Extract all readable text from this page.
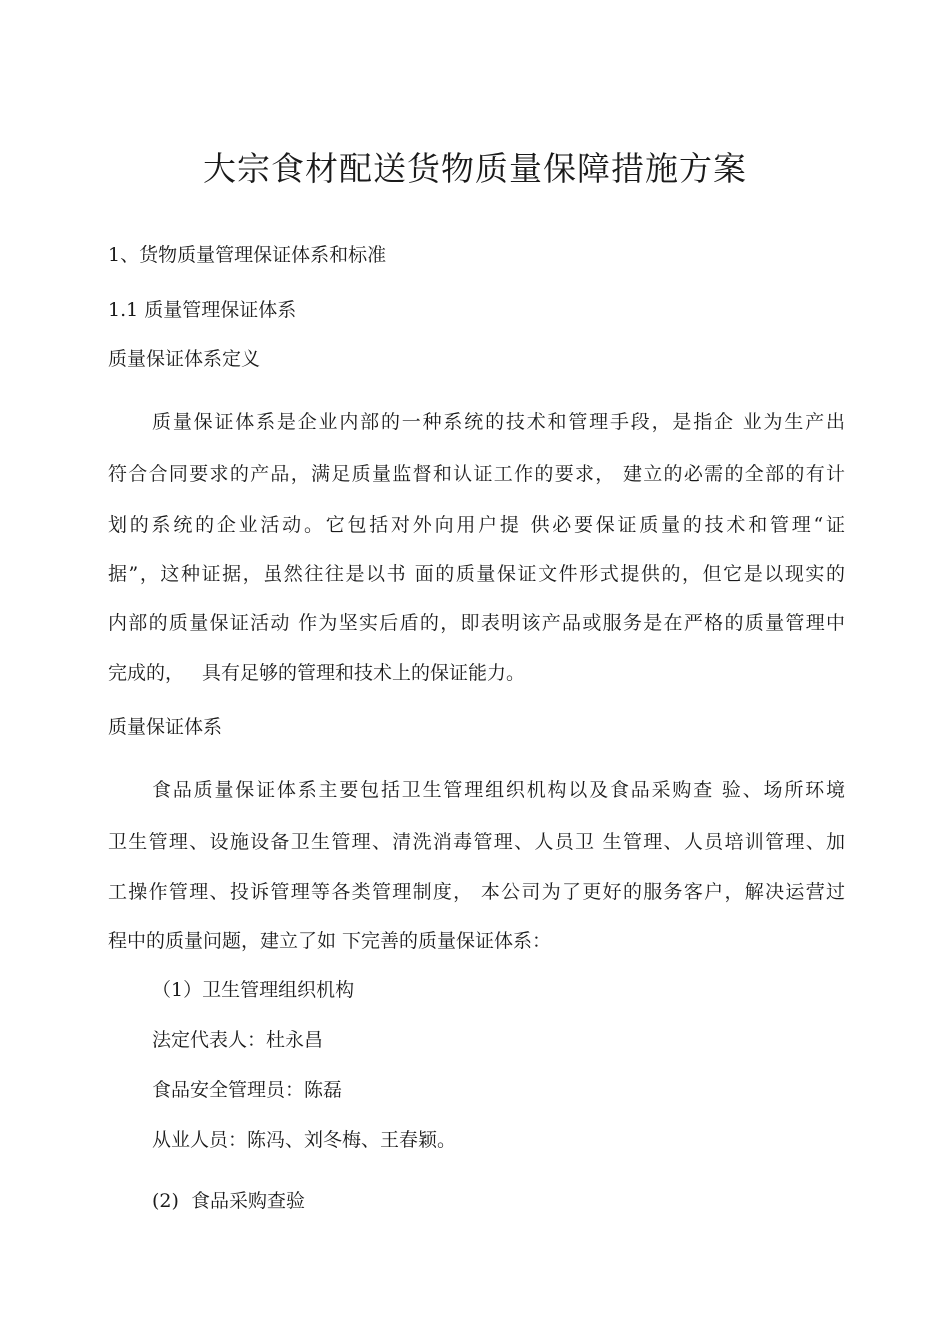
大宗食材配送货物质量保障措施方案
1、货物质量管理保证体系和标准
1.1 质量管理保证体系
质量保证体系定义
质量保证体系是企业内部的一种系统的技术和管理手段，是指企 业为生产出
符合合同要求的产品，满足质量监督和认证工作的要求， 建立的必需的全部的有计
划的系统的企业活动。它包括对外向用户提 供必要保证质量的技术和管理“证
据”，这种证据，虽然往往是以书 面的质量保证文件形式提供的，但它是以现实的
内部的质量保证活动 作为坚实后盾的，即表明该产品或服务是在严格的质量管理中
完成的， 具有足够的管理和技术上的保证能力。
质量保证体系
食品质量保证体系主要包括卫生管理组织机构以及食品采购查 验、场所环境
卫生管理、设施设备卫生管理、清洗消毒管理、人员卫 生管理、人员培训管理、加
工操作管理、投诉管理等各类管理制度， 本公司为了更好的服务客户，解决运营过
程中的质量问题，建立了如 下完善的质量保证体系：
（1）卫生管理组织机构
法定代表人：杜永昌
食品安全管理员：陈磊
从业人员：陈冯、刘冬梅、王春颖。
(2)  食品采购查验
